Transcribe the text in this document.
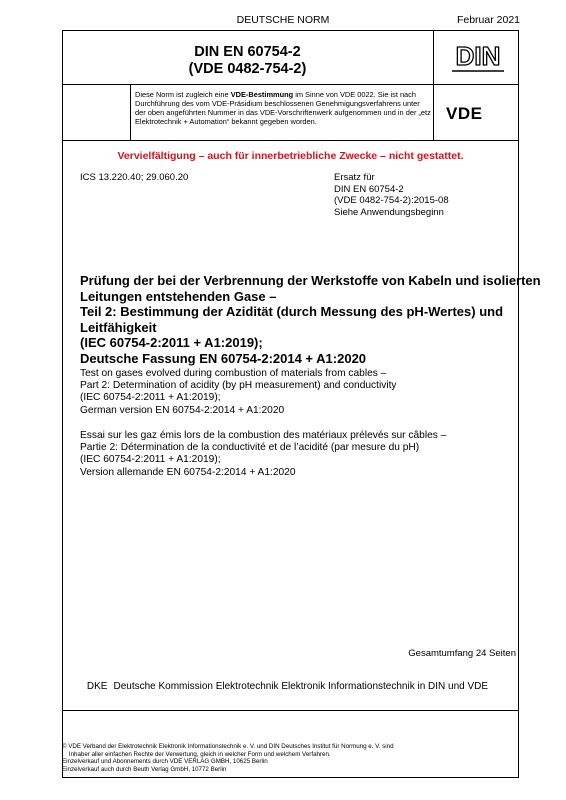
DEUTSCHE NORM	Februar 2021
DIN EN 60754-2
(VDE 0482-754-2)	DIN
Diese Norm ist zugleich eine VDE-Bestimmung im Sinne von VDE 0022. Sie ist nach Durchführung des vom VDE-Präsidium beschlossenen Genehmigungsverfahrens unter der oben angeführten Nummer in das VDE-Vorschriftenwerk aufgenommen und in der „etz Elektrotechnik + Automation“ bekannt gegeben worden.	VDE
Vervielfältigung – auch für innerbetriebliche Zwecke – nicht gestattet.
ICS 13.220.40; 29.060.20	Ersatz für
DIN EN 60754-2
(VDE 0482-754-2):2015-08
Siehe Anwendungsbeginn
Prüfung der bei der Verbrennung der Werkstoffe von Kabeln und isolierten
Leitungen entstehenden Gase –
Teil 2: Bestimmung der Azidität (durch Messung des pH-Wertes) und
Leitfähigkeit
(IEC 60754-2:2011 + A1:2019);
Deutsche Fassung EN 60754-2:2014 + A1:2020
Test on gases evolved during combustion of materials from cables –
Part 2: Determination of acidity (by pH measurement) and conductivity
(IEC 60754-2:2011 + A1:2019);
German version EN 60754-2:2014 + A1:2020
Essai sur les gaz émis lors de la combustion des matériaux prélevés sur câbles –
Partie 2: Détermination de la conductivité et de l’acidité (par mesure du pH)
(IEC 60754-2:2011 + A1:2019);
Version allemande EN 60754-2:2014 + A1:2020
Gesamtumfang 24 Seiten
DKE Deutsche Kommission Elektrotechnik Elektronik Informationstechnik in DIN und VDE
© VDE Verband der Elektrotechnik Elektronik Informationstechnik e. V. und DIN Deutsches Institut für Normung e. V. sind
Inhaber aller einfachen Rechte der Verwertung, gleich in welcher Form und welchem Verfahren.
Einzelverkauf und Abonnements durch VDE VERLAG GMBH, 10625 Berlin
Einzelverkauf auch durch Beuth Verlag GmbH, 10772 Berlin
